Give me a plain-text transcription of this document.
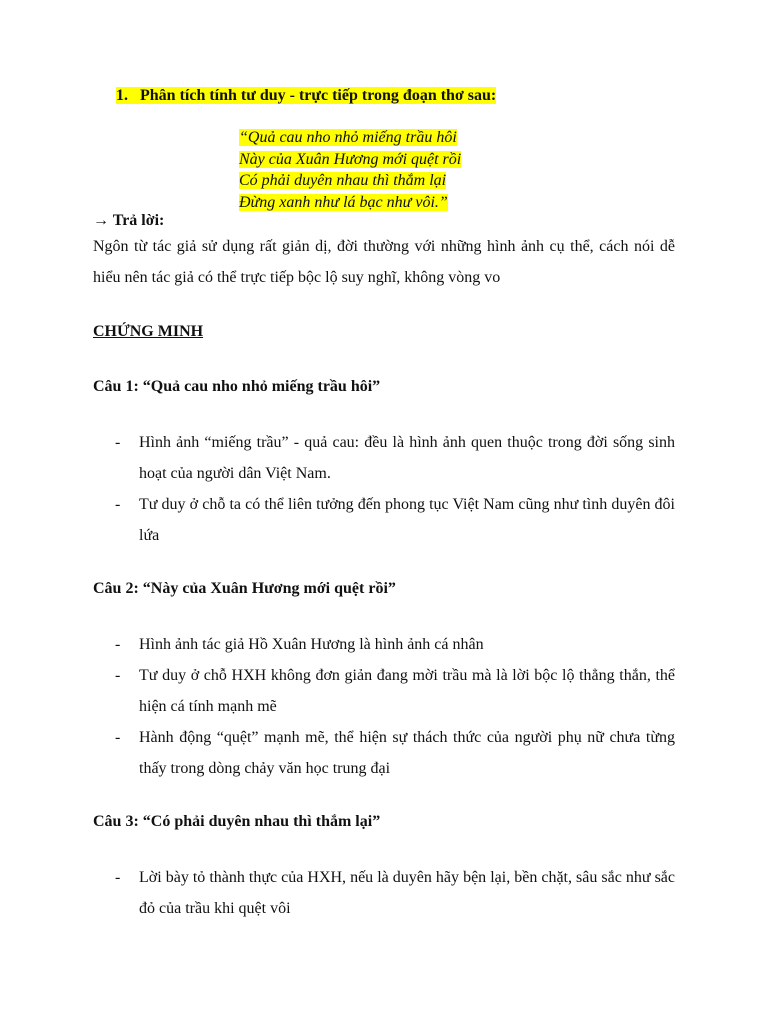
1. Phân tích tính tư duy - trực tiếp trong đoạn thơ sau:
“Quả cau nho nhỏ miếng trầu hôi
Này của Xuân Hương mới quệt rồi
Có phải duyên nhau thì thắm lại
Đừng xanh như lá bạc như vôi.”
→ Trả lời:
Ngôn từ tác giả sử dụng rất giản dị, đời thường với những hình ảnh cụ thể, cách nói dễ hiểu nên tác giả có thể trực tiếp bộc lộ suy nghĩ, không vòng vo
CHỨNG MINH
Câu 1: “Quả cau nho nhỏ miếng trầu hôi”
- Hình ảnh “miếng trầu” - quả cau: đều là hình ảnh quen thuộc trong đời sống sinh hoạt của người dân Việt Nam.
- Tư duy ở chỗ ta có thể liên tưởng đến phong tục Việt Nam cũng như tình duyên đôi lứa
Câu 2: “Này của Xuân Hương mới quệt rồi”
- Hình ảnh tác giả Hồ Xuân Hương là hình ảnh cá nhân
- Tư duy ở chỗ HXH không đơn giản đang mời trầu mà là lời bộc lộ thẳng thắn, thể hiện cá tính mạnh mẽ
- Hành động “quệt” mạnh mẽ, thể hiện sự thách thức của người phụ nữ chưa từng thấy trong dòng chảy văn học trung đại
Câu 3: “Có phải duyên nhau thì thắm lại”
- Lời bày tỏ thành thực của HXH, nếu là duyên hãy bện lại, bền chặt, sâu sắc như sắc đỏ của trầu khi quệt vôi
